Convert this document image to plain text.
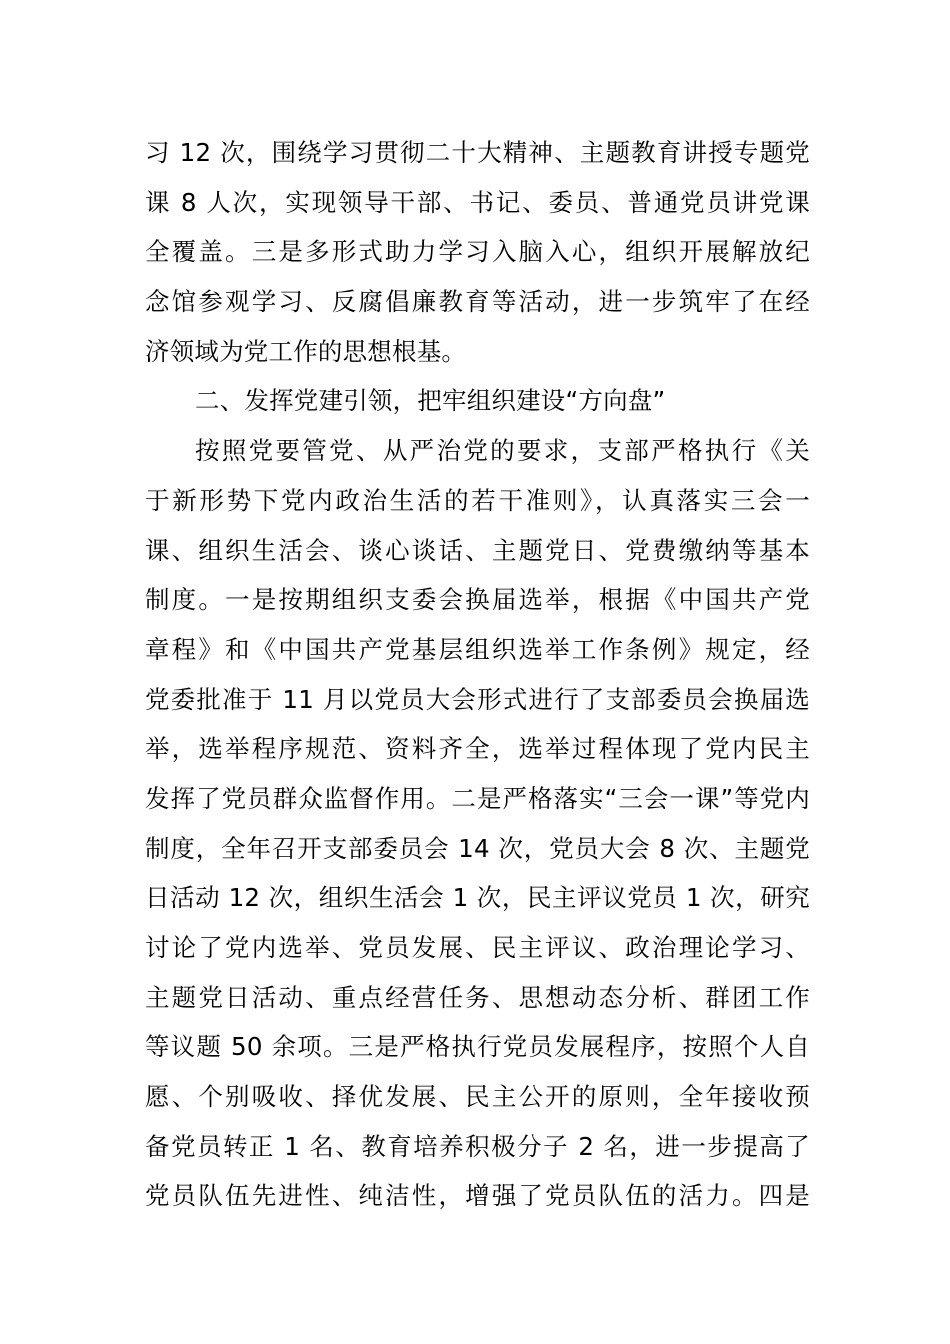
习 12 次，围绕学习贯彻二十大精神、主题教育讲授专题党
课 8 人次，实现领导干部、书记、委员、普通党员讲党课
全覆盖。三是多形式助力学习入脑入心，组织开展解放纪
念馆参观学习、反腐倡廉教育等活动，进一步筑牢了在经
济领域为党工作的思想根基。
二、发挥党建引领，把牢组织建设“方向盘”
按照党要管党、从严治党的要求，支部严格执行《关
于新形势下党内政治生活的若干准则》，认真落实三会一
课、组织生活会、谈心谈话、主题党日、党费缴纳等基本
制度。一是按期组织支委会换届选举，根据《中国共产党
章程》和《中国共产党基层组织选举工作条例》规定，经
党委批准于 11 月以党员大会形式进行了支部委员会换届选
举，选举程序规范、资料齐全，选举过程体现了党内民主
发挥了党员群众监督作用。二是严格落实“三会一课”等党内
制度，全年召开支部委员会 14 次，党员大会 8 次、主题党
日活动 12 次，组织生活会 1 次，民主评议党员 1 次，研究
讨论了党内选举、党员发展、民主评议、政治理论学习、
主题党日活动、重点经营任务、思想动态分析、群团工作
等议题 50 余项。三是严格执行党员发展程序，按照个人自
愿、个别吸收、择优发展、民主公开的原则，全年接收预
备党员转正 1 名、教育培养积极分子 2 名，进一步提高了
党员队伍先进性、纯洁性，增强了党员队伍的活力。四是
